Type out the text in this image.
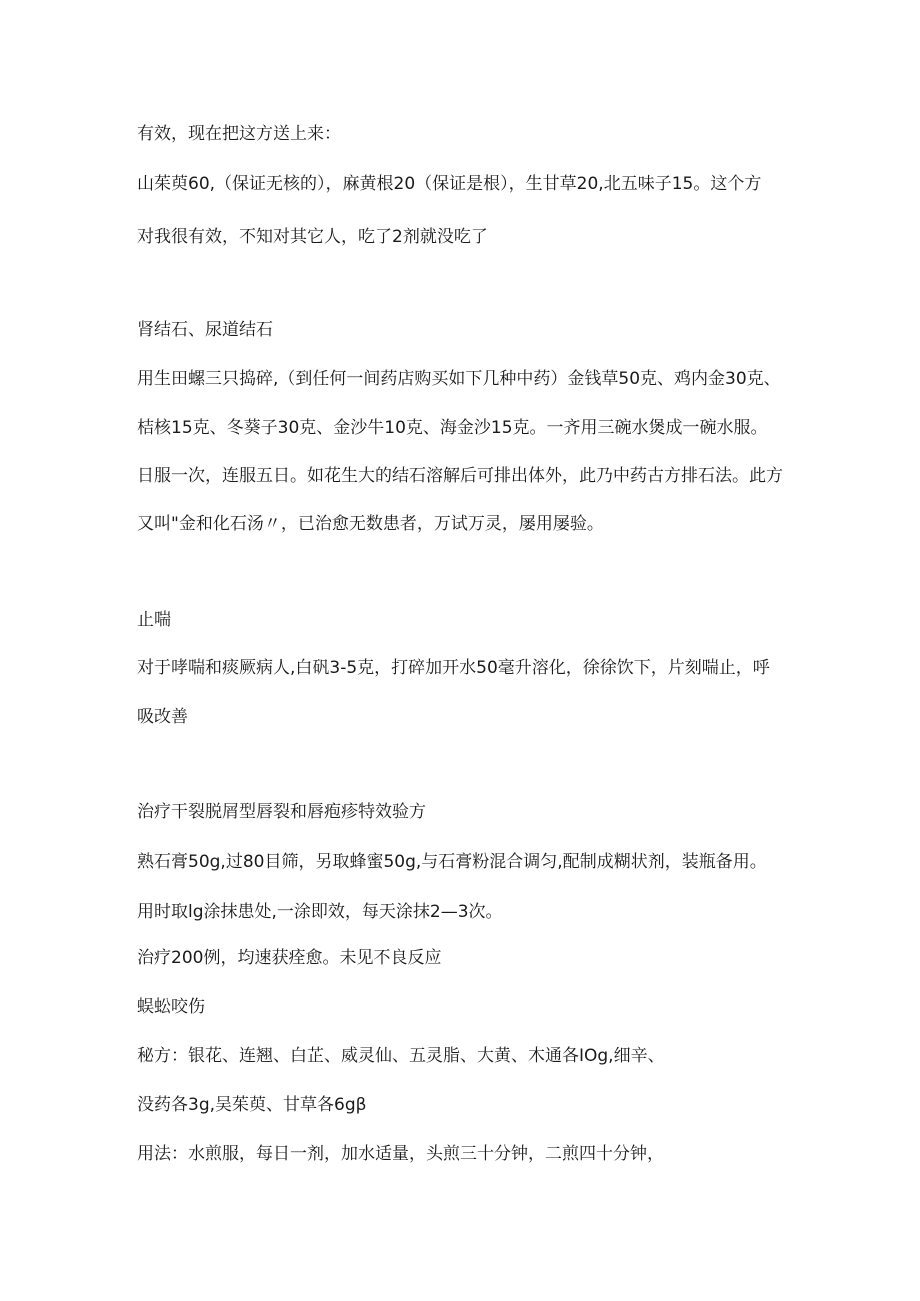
有效，现在把这方送上来：
山茱萸60,（保证无核的），麻黄根20（保证是根），生甘草20,北五味子15。这个方
对我很有效，不知对其它人，吃了2剂就没吃了
肾结石、尿道结石
用生田螺三只捣碎,（到任何一间药店购买如下几种中药）金钱草50克、鸡内金30克、
桔核15克、冬葵子30克、金沙牛10克、海金沙15克。一齐用三碗水煲成一碗水服。
日服一次，连服五日。如花生大的结石溶解后可排出体外，此乃中药古方排石法。此方
又叫"金和化石汤〃，已治愈无数患者，万试万灵，屡用屡验。
止喘
对于哮喘和痰厥病人,白矾3-5克，打碎加开水50毫升溶化，徐徐饮下，片刻喘止，呼
吸改善
治疗干裂脱屑型唇裂和唇疱疹特效验方
熟石膏50g,过80目筛，另取蜂蜜50g,与石膏粉混合调匀,配制成糊状剂，装瓶备用。
用时取lg涂抹患处,一涂即效，每天涂抹2—3次。
治疗200例，均速获痊愈。未见不良反应
蜈蚣咬伤
秘方：银花、连翘、白芷、威灵仙、五灵脂、大黄、木通各IOg,细辛、
没药各3g,吴茱萸、甘草各6gβ
用法：水煎服，每日一剂，加水适量，头煎三十分钟，二煎四十分钟，
